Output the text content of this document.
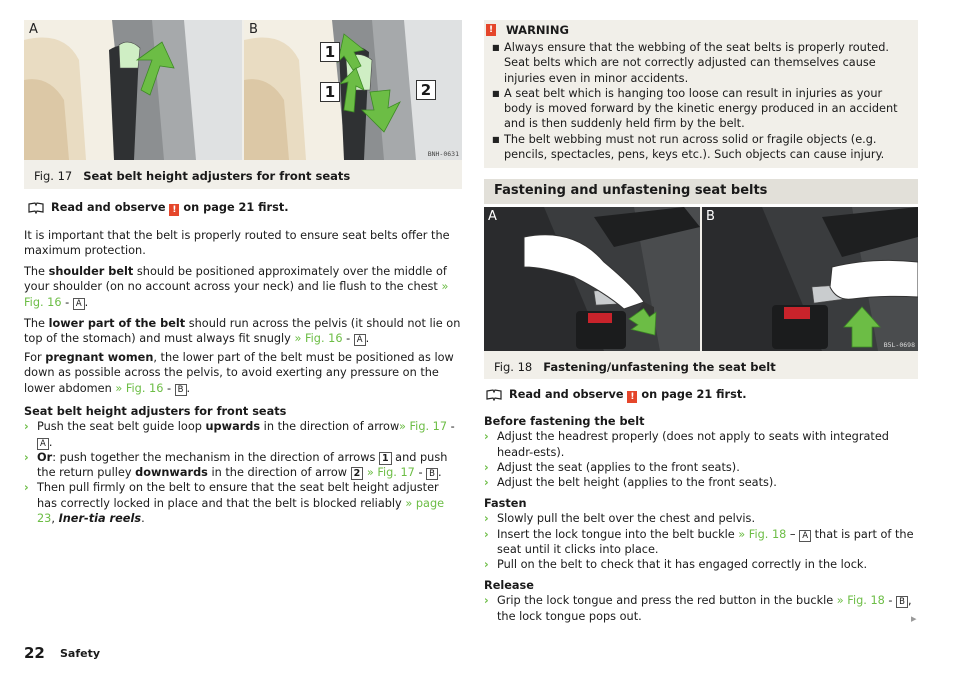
A	B
1
1	2
BNH-0631
Fig. 17 Seat belt height adjusters for front seats
Read and observe ! on page 21 first.

It is important that the belt is properly routed to ensure seat belts offer the maximum protection.

The shoulder belt should be positioned approximately over the middle of your shoulder (on no account across your neck) and lie flush to the chest » Fig. 16 - A .

The lower part of the belt should run across the pelvis (it should not lie on top of the stomach) and must always fit snugly » Fig. 16 - A .

For pregnant women, the lower part of the belt must be positioned as low down as possible across the pelvis, to avoid exerting any pressure on the lower abdomen » Fig. 16 - B .

Seat belt height adjusters for front seats

› Push the seat belt guide loop upwards in the direction of arrow» Fig. 17 - A .
› Or: push together the mechanism in the direction of arrows 1 and push the return pulley downwards in the direction of arrow 2 » Fig. 17 - B .
› Then pull firmly on the belt to ensure that the seat belt height adjuster has correctly locked in place and that the belt is blocked reliably » page 23, Iner-tia reels.
22 Safety
! WARNING
■ Always ensure that the webbing of the seat belts is properly routed. Seat belts which are not correctly adjusted can themselves cause injuries even in minor accidents.
■ A seat belt which is hanging too loose can result in injuries as your body is moved forward by the kinetic energy produced in an accident and is then suddenly held firm by the belt.
■ The belt webbing must not run across solid or fragile objects (e.g. pencils, spectacles, pens, keys etc.). Such objects can cause injury.
Fastening and unfastening seat belts
A	B
B5L-0698
Fig. 18 Fastening/unfastening the seat belt
Read and observe ! on page 21 first.

Before fastening the belt

› Adjust the headrest properly (does not apply to seats with integrated headr-ests).
› Adjust the seat (applies to the front seats).
› Adjust the belt height (applies to the front seats).

Fasten

› Slowly pull the belt over the chest and pelvis.
› Insert the lock tongue into the belt buckle » Fig. 18 – A that is part of the seat until it clicks into place.
› Pull on the belt to check that it has engaged correctly in the lock.

Release

› Grip the lock tongue and press the red button in the buckle » Fig. 18 - B , the lock tongue pops out.	▸
